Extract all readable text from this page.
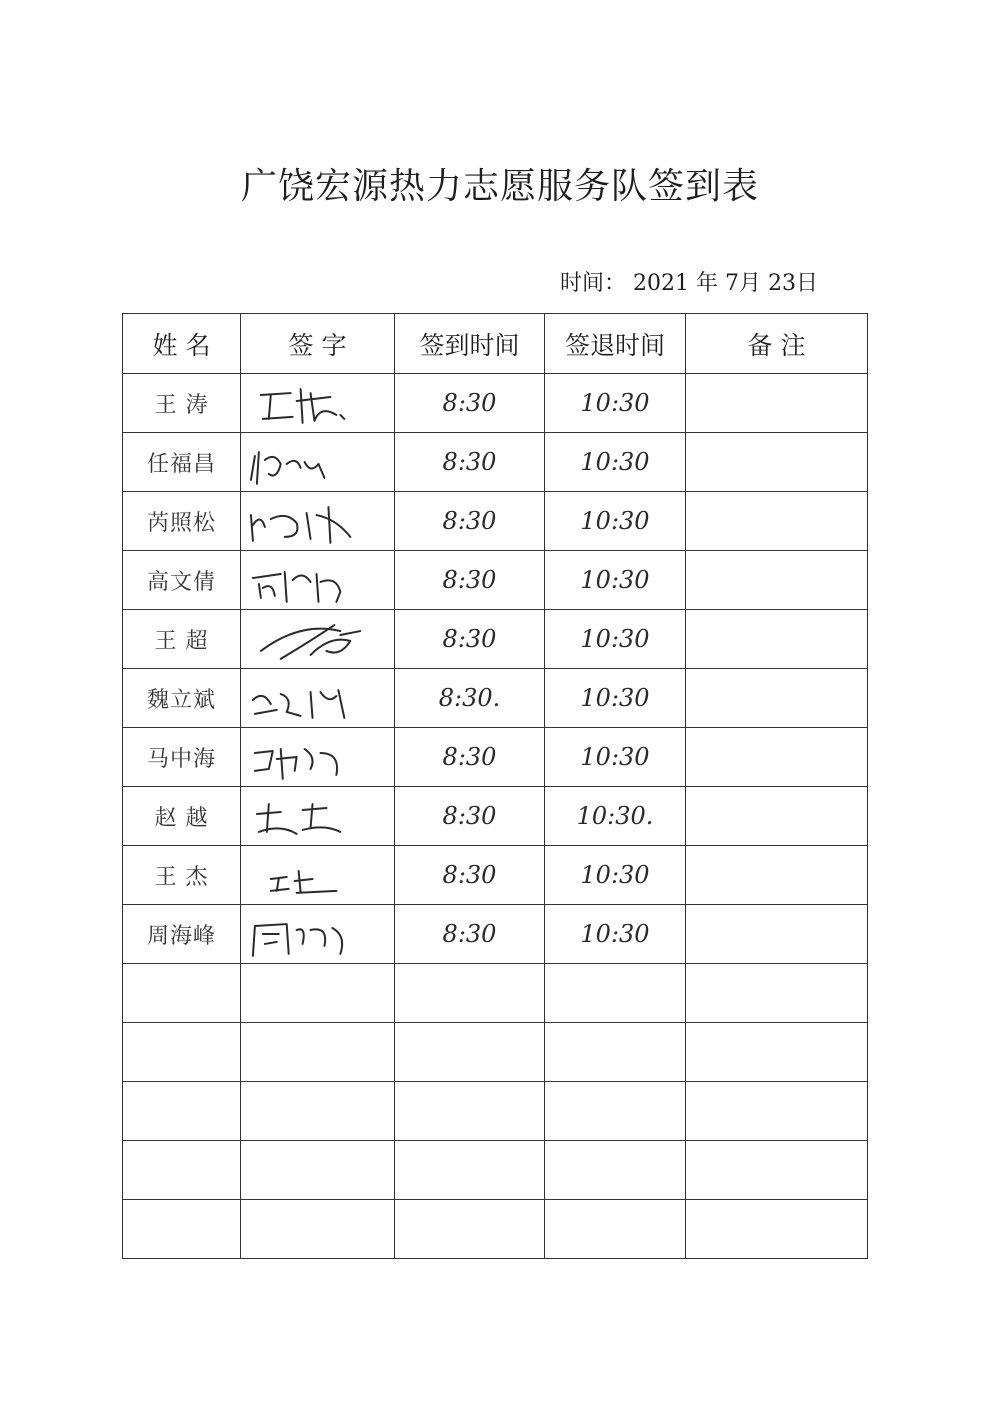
广饶宏源热力志愿服务队签到表
时间： 2021 年 7月 23日
姓 名	签 字	签到时间	签退时间	备 注
王 涛		8:30	10:30	
任福昌		8:30	10:30	
芮照松		8:30	10:30	
高文倩		8:30	10:30	
王 超		8:30	10:30	
魏立斌		8:30.	10:30	
马中海		8:30	10:30	
赵 越		8:30	10:30.	
王 杰		8:30	10:30	
周海峰		8:30	10:30	
